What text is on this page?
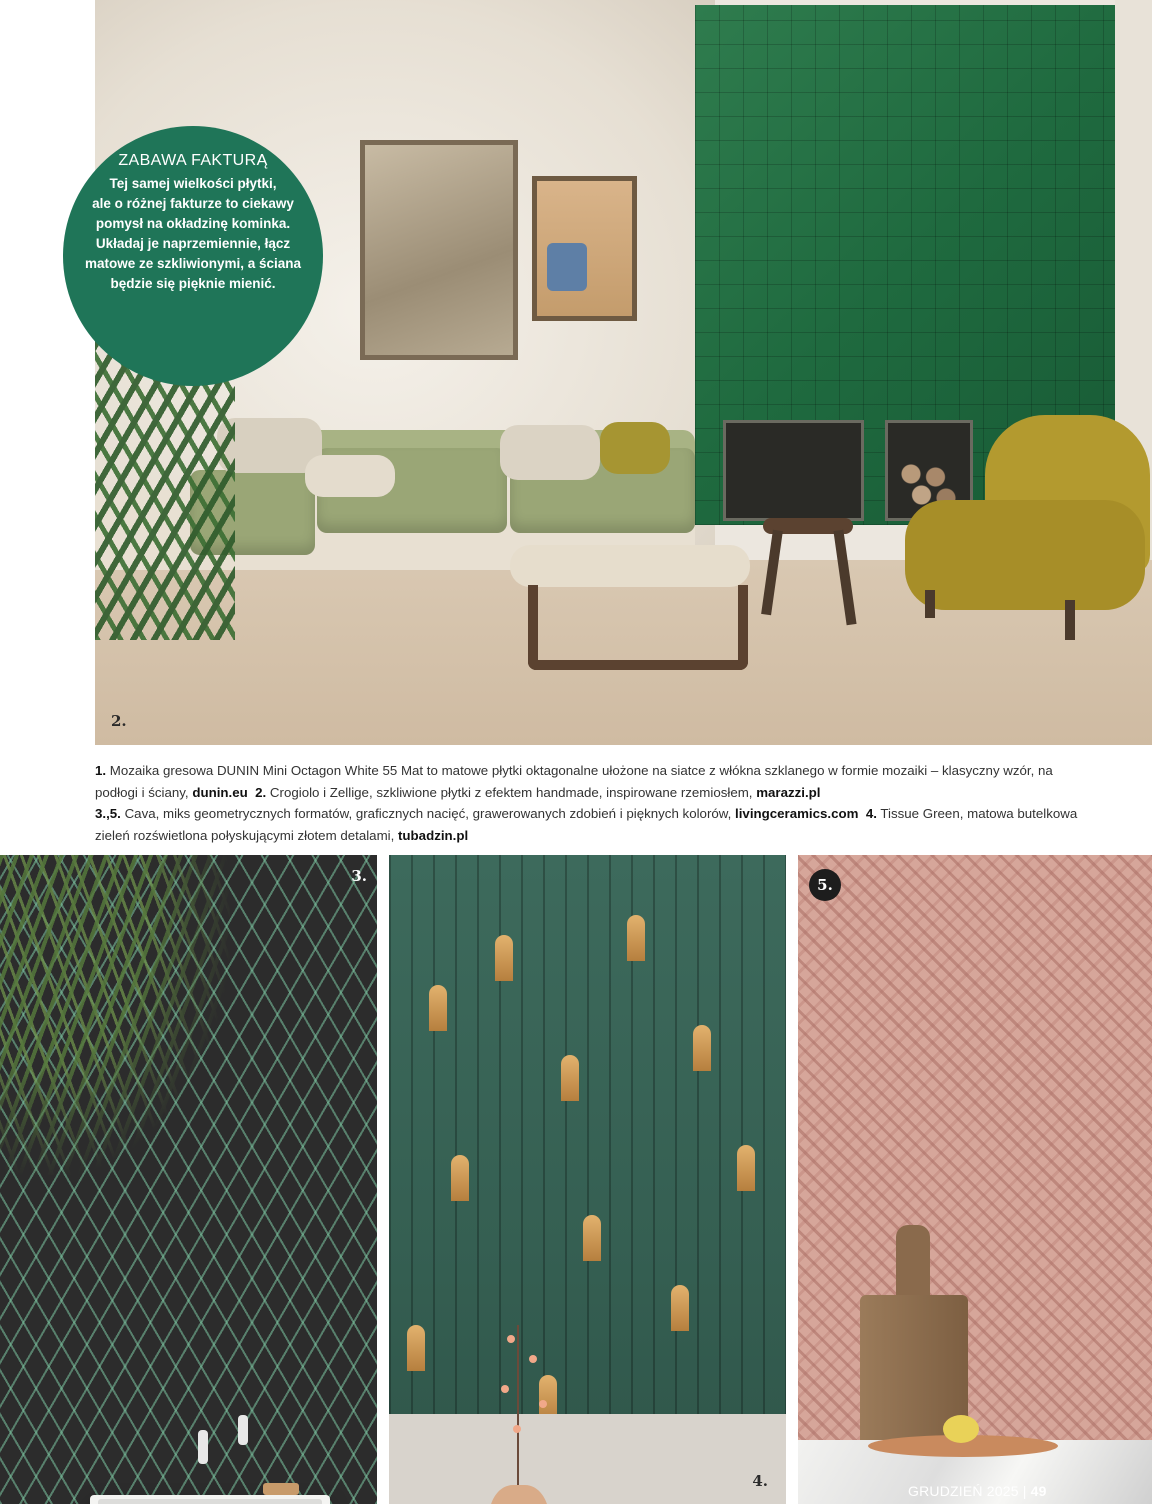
2.
ZABAWA FAKTURĄ
Tej samej wielkości płytki,
ale o różnej fakturze to ciekawy
pomysł na okładzinę kominka.
Układaj je naprzemiennie, łącz
matowe ze szkliwionymi, a ściana
będzie się pięknie mienić.
1. Mozaika gresowa DUNIN Mini Octagon White 55 Mat to matowe płytki oktagonalne ułożone na siatce z włókna szklanego w formie mozaiki – klasyczny wzór, na podłogi i ściany, dunin.eu 2. Crogiolo i Zellige, szkliwione płytki z efektem handmade, inspirowane rzemiosłem, marazzi.pl
3.,5. Cava, miks geometrycznych formatów, graficznych nacięć, grawerowanych zdobień i pięknych kolorów, livingceramics.com 4. Tissue Green, matowa butelkowa zieleń rozświetlona połyskującymi złotem detalami, tubadzin.pl
3.
4.
5.
GRUDZIEŃ 2025 | 49
